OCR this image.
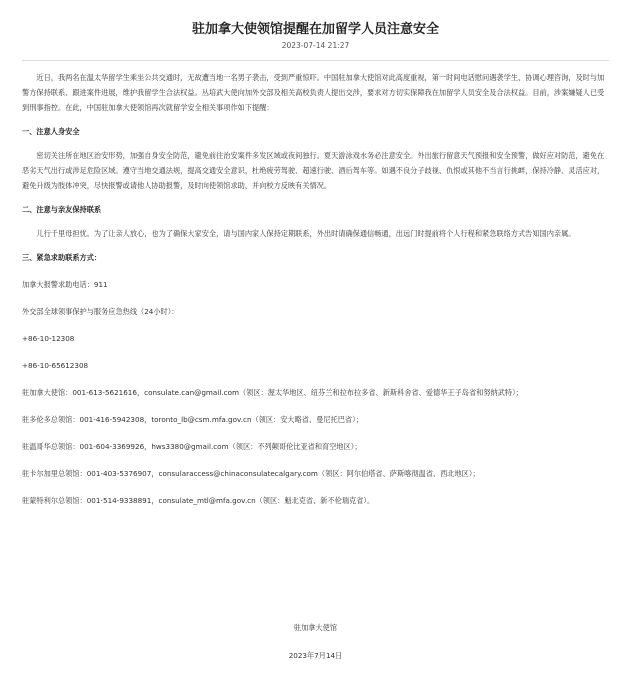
驻加拿大使领馆提醒在加留学人员注意安全
2023-07-14 21:27

近日，我两名在温太华留学生乘坐公共交通时，无故遭当地一名男子袭击，受到严重惊吓。中国驻加拿大使馆对此高度重视，第一时间电话慰问遇袭学生、协调心理咨询，及时与加警方保持联系、跟进案件进展，维护我留学生合法权益。丛培武大使向加外交部及相关高校负责人提出交涉，要求对方切实保障我在加留学人员安全及合法权益。目前，涉案嫌疑人已受到刑事指控。在此，中国驻加拿大使领馆再次就留学安全相关事项作如下提醒：

一、注意人身安全

密切关注所在地区治安形势，加强自身安全防范，避免前往治安案件多发区域或夜间独行。夏天游泳戏水务必注意安全。外出旅行留意天气预报和安全预警，做好应对防范，避免在恶劣天气出行或涉足危险区域。遵守当地交通法规，提高交通安全意识，杜绝疲劳驾驶、超速行驶、酒后驾车等。如遇不良分子歧视、仇恨或其他不当言行挑衅，保持冷静、灵活应对，避免升级为肢体冲突，尽快报警或请他人协助报警，及时向使领馆求助，并向校方反映有关情况。

二、注意与亲友保持联系

儿行千里母担忧。为了让亲人放心，也为了确保大家安全，请与国内家人保持定期联系，外出时请确保通信畅通，出远门时提前将个人行程和紧急联络方式告知国内亲属。

三、紧急求助联系方式：

加拿大报警求助电话：911

外交部全球领事保护与服务应急热线（24小时）：

+86-10-12308

+86-10-65612308

驻加拿大使馆：001-613-5621616，consulate.can@gmail.com（领区：渥太华地区、纽芬兰和拉布拉多省、新斯科舍省、爱德华王子岛省和努纳武特）；

驻多伦多总领馆：001-416-5942308，toronto_lb@csm.mfa.gov.cn（领区：安大略省、曼尼托巴省）；

驻温哥华总领馆：001-604-3369926，hws3380@gmail.com（领区：不列颠哥伦比亚省和育空地区）；

驻卡尔加里总领馆：001-403-5376907，consularaccess@chinaconsulatecalgary.com（领区：阿尔伯塔省、萨斯喀彻温省、西北地区）；

驻蒙特利尔总领馆：001-514-9338891，consulate_mtl@mfa.gov.cn（领区：魁北克省、新不伦瑞克省）。

驻加拿大使馆
2023年7月14日
